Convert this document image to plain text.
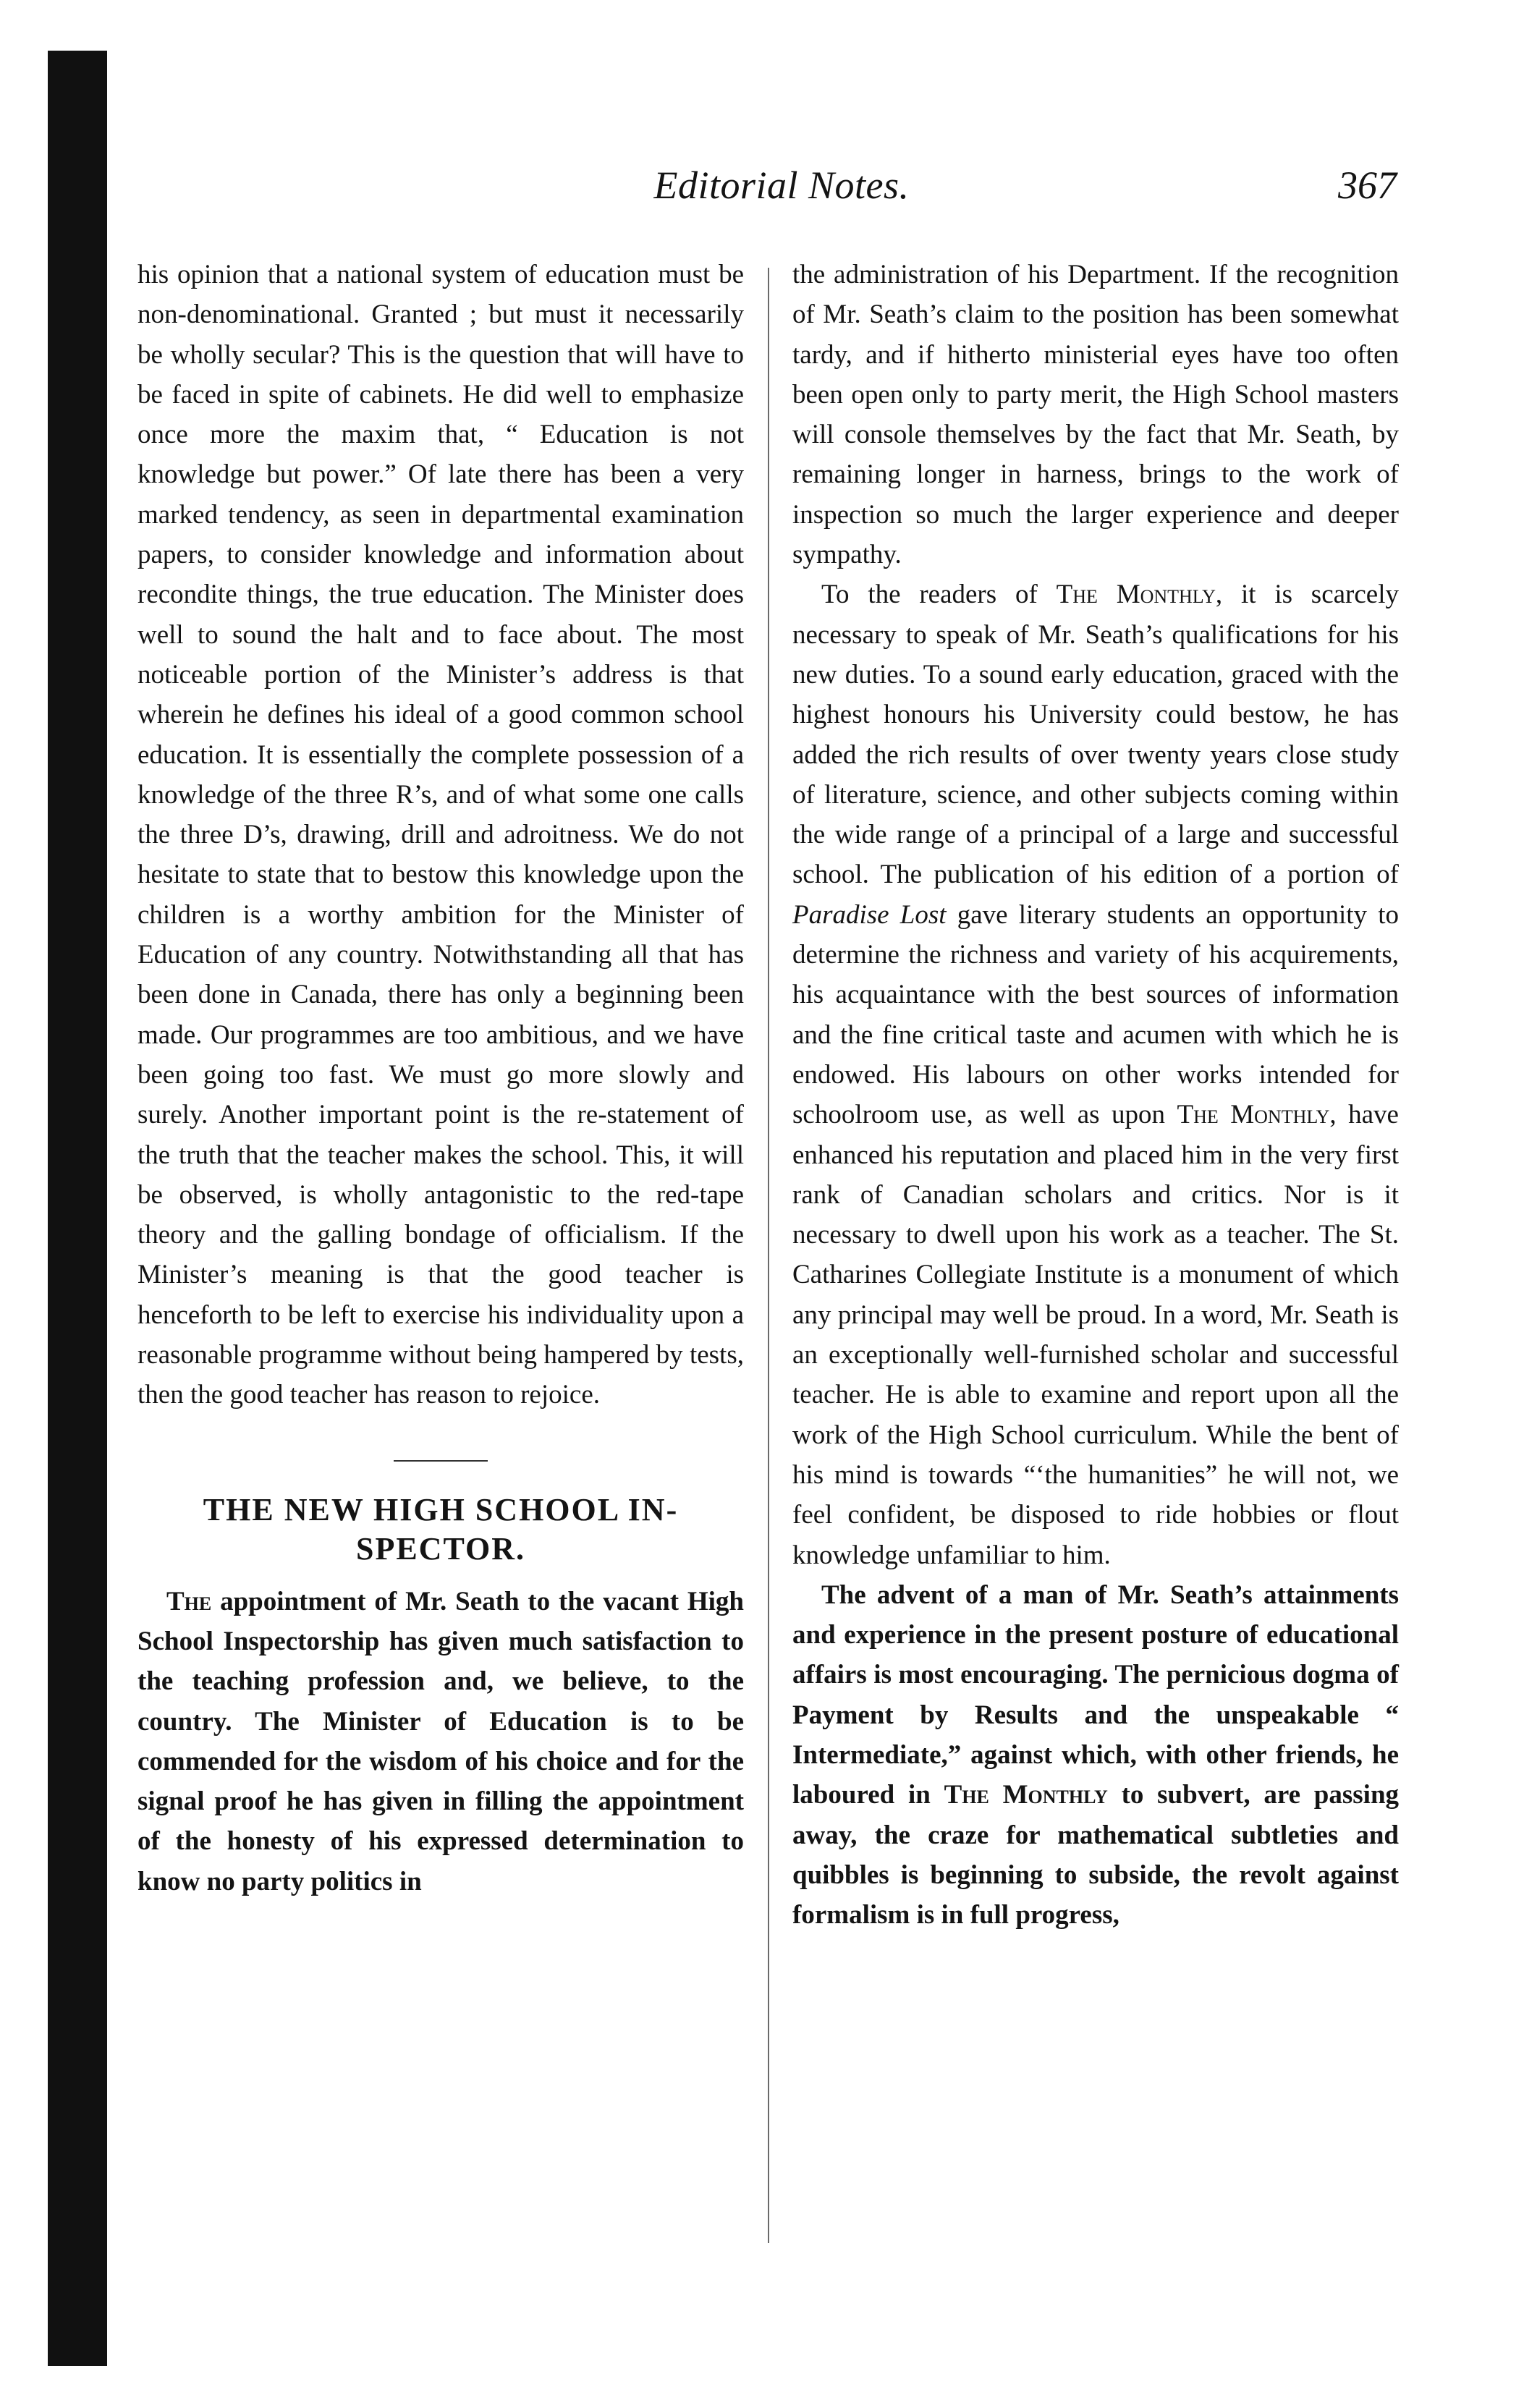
Editorial Notes.	367

his opinion that a national system of education must be non-denominational. Granted ; but must it necessarily be wholly secular? This is the question that will have to be faced in spite of cabinets. He did well to emphasize once more the maxim that, “ Education is not knowledge but power.” Of late there has been a very marked tendency, as seen in departmental examination papers, to consider knowledge and information about recondite things, the true education. The Minister does well to sound the halt and to face about. The most noticeable portion of the Minister’s address is that wherein he defines his ideal of a good common school education. It is essentially the complete possession of a knowledge of the three R’s, and of what some one calls the three D’s, drawing, drill and adroitness. We do not hesitate to state that to bestow this knowledge upon the children is a worthy ambition for the Minister of Education of any country. Notwithstanding all that has been done in Canada, there has only a beginning been made. Our programmes are too ambitious, and we have been going too fast. We must go more slowly and surely. Another important point is the re-statement of the truth that the teacher makes the school. This, it will be observed, is wholly antagonistic to the red-tape theory and the galling bondage of officialism. If the Minister’s meaning is that the good teacher is henceforth to be left to exercise his individuality upon a reasonable programme without being hampered by tests, then the good teacher has reason to rejoice.

THE NEW HIGH SCHOOL IN-
SPECTOR.

The appointment of Mr. Seath to the vacant High School Inspectorship has given much satisfaction to the teaching profession and, we believe, to the country. The Minister of Education is to be commended for the wisdom of his choice and for the signal proof he has given in filling the appointment of the honesty of his expressed determination to know no party politics in

the administration of his Department. If the recognition of Mr. Seath’s claim to the position has been somewhat tardy, and if hitherto ministerial eyes have too often been open only to party merit, the High School masters will console themselves by the fact that Mr. Seath, by remaining longer in harness, brings to the work of inspection so much the larger experience and deeper sympathy.

To the readers of The Monthly, it is scarcely necessary to speak of Mr. Seath’s qualifications for his new duties. To a sound early education, graced with the highest honours his University could bestow, he has added the rich results of over twenty years close study of literature, science, and other subjects coming within the wide range of a principal of a large and successful school. The publication of his edition of a portion of Paradise Lost gave literary students an opportunity to determine the richness and variety of his acquirements, his acquaintance with the best sources of information and the fine critical taste and acumen with which he is endowed. His labours on other works intended for schoolroom use, as well as upon The Monthly, have enhanced his reputation and placed him in the very first rank of Canadian scholars and critics. Nor is it necessary to dwell upon his work as a teacher. The St. Catharines Collegiate Institute is a monument of which any principal may well be proud. In a word, Mr. Seath is an exceptionally well-furnished scholar and successful teacher. He is able to examine and report upon all the work of the High School curriculum. While the bent of his mind is towards “‘the humanities” he will not, we feel confident, be disposed to ride hobbies or flout knowledge unfamiliar to him.

The advent of a man of Mr. Seath’s attainments and experience in the present posture of educational affairs is most encouraging. The pernicious dogma of Payment by Results and the unspeakable “ Intermediate,” against which, with other friends, he laboured in The Monthly to subvert, are passing away, the craze for mathematical subtleties and quibbles is beginning to subside, the revolt against formalism is in full progress,
